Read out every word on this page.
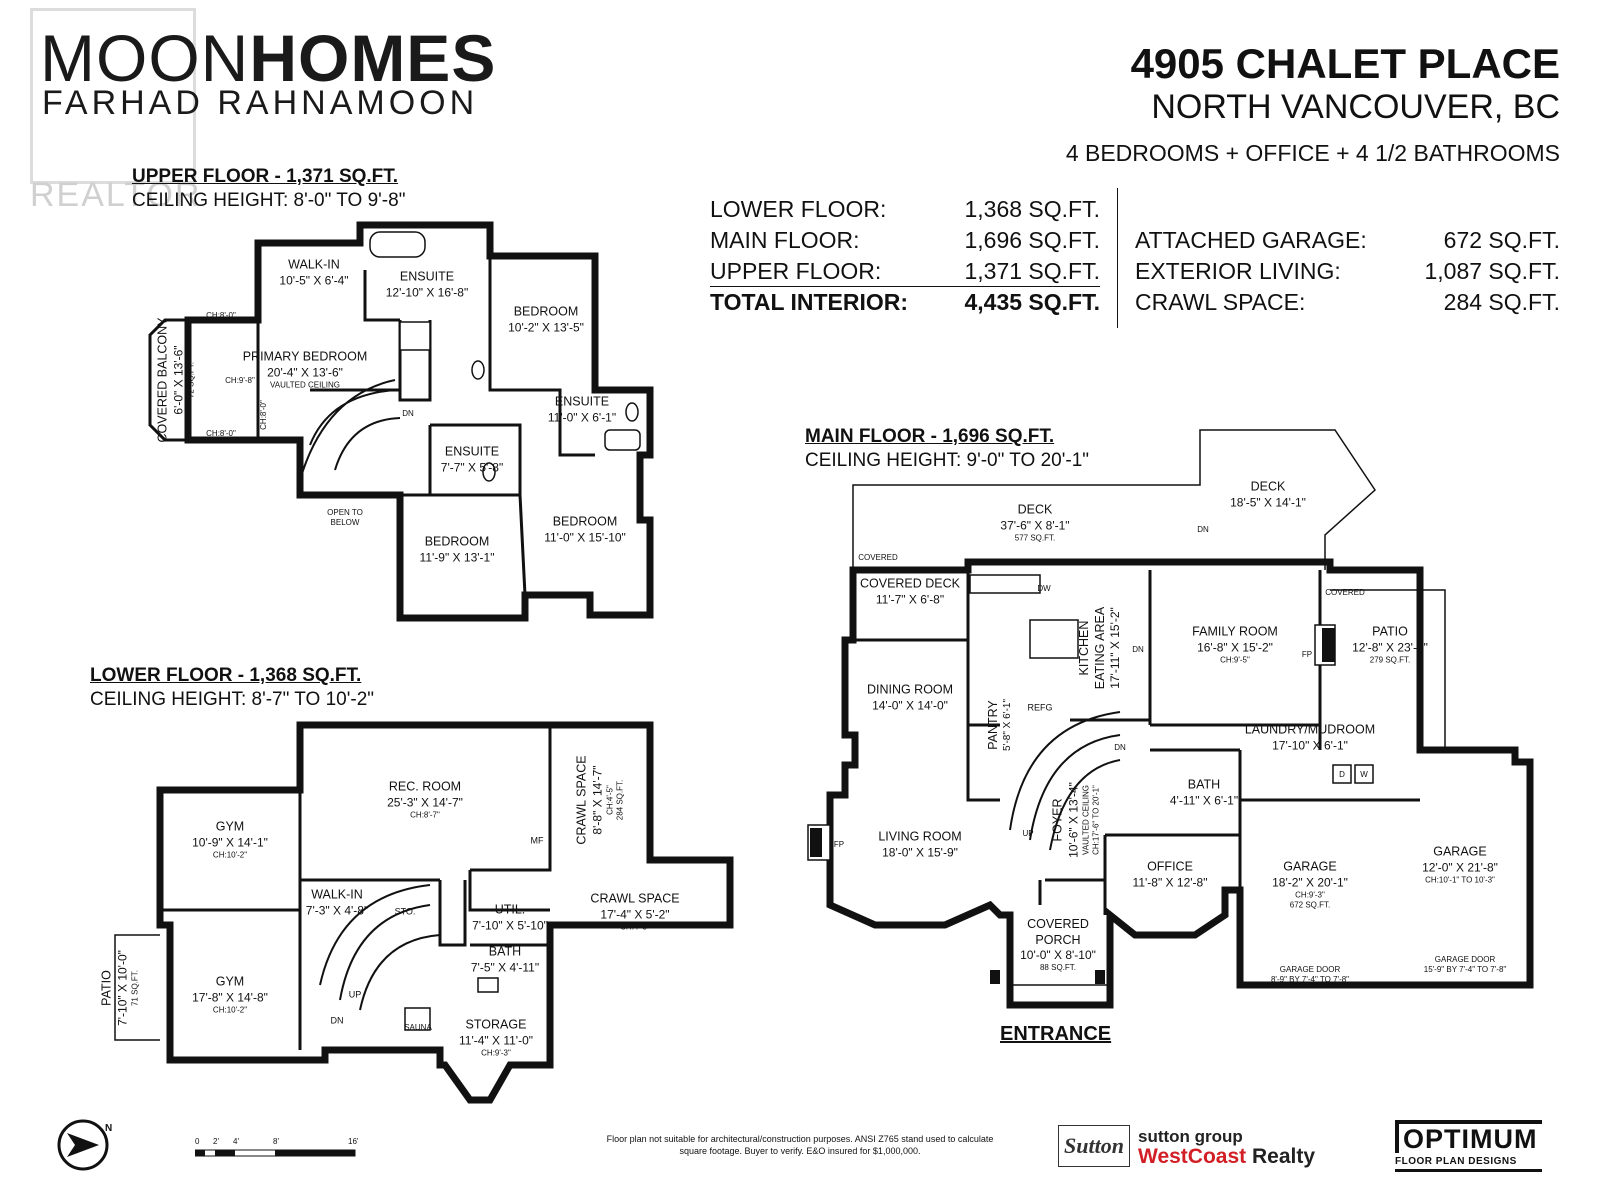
REALTOR
MOONHOMES
FARHAD RAHNAMOON
4905 CHALET PLACE
NORTH VANCOUVER, BC
4 BEDROOMS + OFFICE + 4 1/2 BATHROOMS
LOWER FLOOR:	1,368 SQ.FT.
MAIN FLOOR:	1,696 SQ.FT.
UPPER FLOOR:	1,371 SQ.FT.
TOTAL INTERIOR: 4,435 SQ.FT.
ATTACHED GARAGE:	672 SQ.FT.
EXTERIOR LIVING:	1,087 SQ.FT.
CRAWL SPACE:	284 SQ.FT.
UPPER FLOOR - 1,371 SQ.FT.
CEILING HEIGHT: 8'-0" TO 9'-8"
WALK-IN
10'-5" X 6'-4"	ENSUITE
12'-10" X 16'-8"
BEDROOM
10'-2" X 13'-5"
PRIMARY BEDROOM
20'-4" X 13'-6"
VAULTED CEILING
COVERED BALCONY 6'-0" X 13'-6" 72 SQ.FT.
ENSUITE
11'-0" X 6'-1"
ENSUITE
7'-7" X 5'-8"
OPEN TO
BELOW
BEDROOM
11'-9" X 13'-1"
BEDROOM
11'-0" X 15'-10"
CH:8'-0"
CH:9'-8"
CH:8'-0"
CH:8'-0"	DN
LOWER FLOOR - 1,368 SQ.FT.
CEILING HEIGHT: 8'-7" TO 10'-2"
GYM
10'-9" X 14'-1"
CH:10'-2"
REC. ROOM
25'-3" X 14'-7"
CH:8'-7"	CRAWL SPACE 8'-8" X 14'-7" CH:4'-5" 284 SQ.FT.
WALK-IN
7'-3" X 4'-8"	STO.	UTIL.
7'-10" X 5'-10"
CRAWL SPACE
17'-4" X 5'-2"
CH:4'-5"
GYM
17'-8" X 14'-8"
CH:10'-2"
PATIO 7'-10" X 10'-0" 71 SQ.FT.
BATH
7'-5" X 4'-11"
STORAGE
11'-4" X 11'-0"
CH:9'-3"
SAUNA
MF
UP
DN
MAIN FLOOR - 1,696 SQ.FT.
CEILING HEIGHT: 9'-0" TO 20'-1"
DECK
37'-6" X 8'-1"
577 SQ.FT.
DECK
18'-5" X 14'-1"
COVERED
COVERED
COVERED DECK
11'-7" X 6'-8"
KITCHEN EATING AREA 17'-11" X 15'-2"	FAMILY ROOM
16'-8" X 15'-2"
CH:9'-5"
PATIO
12'-8" X 23'-4"
279 SQ.FT.
DINING ROOM
14'-0" X 14'-0"	PANTRY 5'-8" X 6'-1" REFG
LAUNDRY/MUDROOM
17'-10" X 6'-1"
BATH
4'-11" X 6'-1"
LIVING ROOM
18'-0" X 15'-9"
FOYER 10'-6" X 13'-4" VAULTED CEILING CH:17'-6" TO 20'-1"
OFFICE
11'-8" X 12'-8"
GARAGE
18'-2" X 20'-1"
CH:9'-3"
672 SQ.FT.
GARAGE
12'-0" X 21'-8"
CH:10'-1" TO 10'-3"
GARAGE DOOR
8'-9" BY 7'-4" TO 7'-8"
GARAGE DOOR
15'-9" BY 7'-4" TO 7'-8"
COVERED
PORCH
10'-0" X 8'-10"
88 SQ.FT.
FP
FP
DN
DN
DN
UP
DW
D W
ENTRANCE
N
0 2' 4'	8'	16'	Floor plan not suitable for architectural/construction purposes. ANSI Z765 stand used to calculate square footage. Buyer to verify. E&O insured for $1,000,000.	Sutton sutton group
WestCoast Realty
OPTIMUM
FLOOR PLAN DESIGNS
